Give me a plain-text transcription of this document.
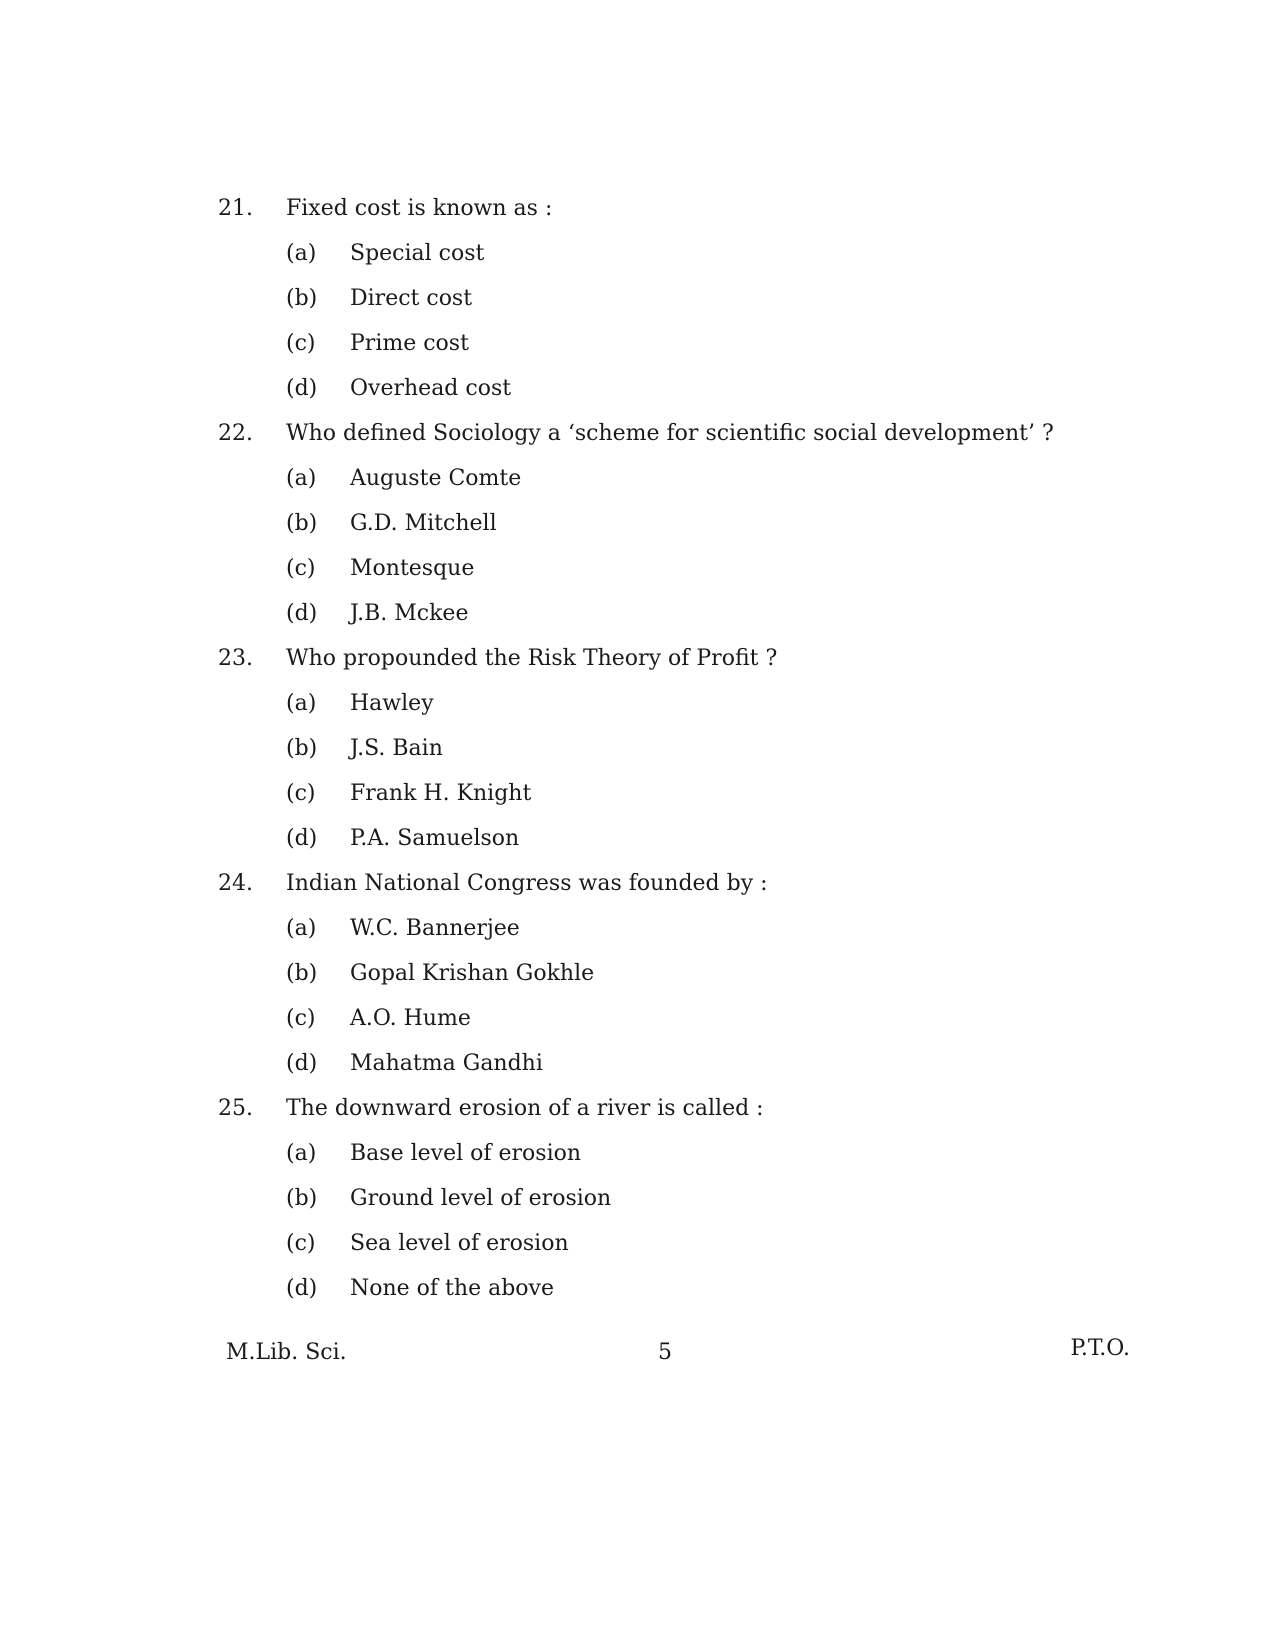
21.	Fixed cost is known as :
(a)	Special cost
(b)	Direct cost
(c)	Prime cost
(d)	Overhead cost
22.	Who defined Sociology a ‘scheme for scientific social development’ ?
(a)	Auguste Comte
(b)	G.D. Mitchell
(c)	Montesque
(d)	J.B. Mckee
23.	Who propounded the Risk Theory of Profit ?
(a)	Hawley
(b)	J.S. Bain
(c)	Frank H. Knight
(d)	P.A. Samuelson
24.	Indian National Congress was founded by :
(a)	W.C. Bannerjee
(b)	Gopal Krishan Gokhle
(c)	A.O. Hume
(d)	Mahatma Gandhi
25.	The downward erosion of a river is called :
(a)	Base level of erosion
(b)	Ground level of erosion
(c)	Sea level of erosion
(d)	None of the above
M.Lib. Sci.	5	P.T.O.
